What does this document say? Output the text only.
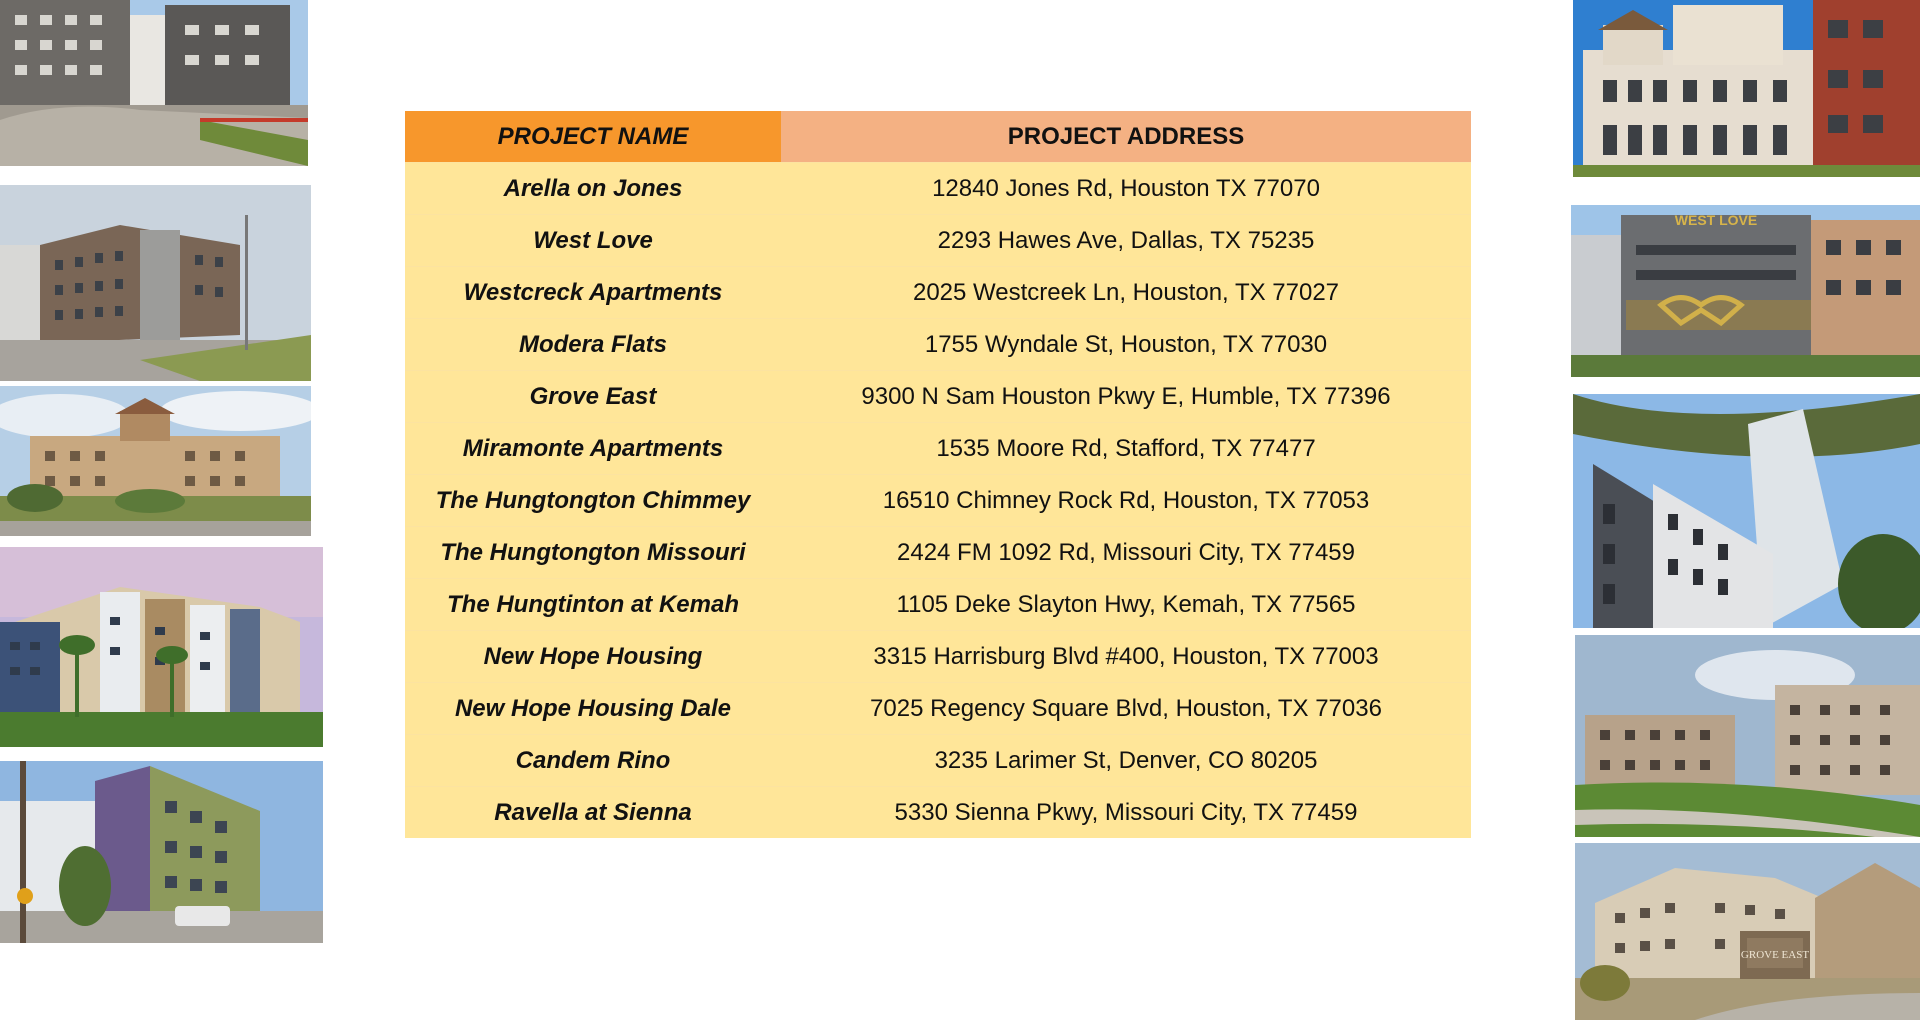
WEST LOVE
GROVE EAST
PROJECT NAME	PROJECT ADDRESS
Arella on Jones	12840 Jones Rd, Houston TX 77070
West Love	2293 Hawes Ave, Dallas, TX 75235
Westcreck Apartments	2025 Westcreek Ln, Houston, TX 77027
Modera Flats	1755 Wyndale St, Houston, TX 77030
Grove East	9300 N Sam Houston Pkwy E, Humble, TX 77396
Miramonte Apartments	1535 Moore Rd, Stafford, TX 77477
The Hungtongton Chimmey	16510 Chimney Rock Rd, Houston, TX 77053
The Hungtongton Missouri	2424 FM 1092 Rd, Missouri City, TX 77459
The Hungtinton at Kemah	1105 Deke Slayton Hwy, Kemah, TX 77565
New Hope Housing	3315 Harrisburg Blvd #400, Houston, TX 77003
New Hope Housing Dale	7025 Regency Square Blvd, Houston, TX 77036
Candem Rino	3235 Larimer St, Denver, CO 80205
Ravella at Sienna	5330 Sienna Pkwy, Missouri City, TX 77459
